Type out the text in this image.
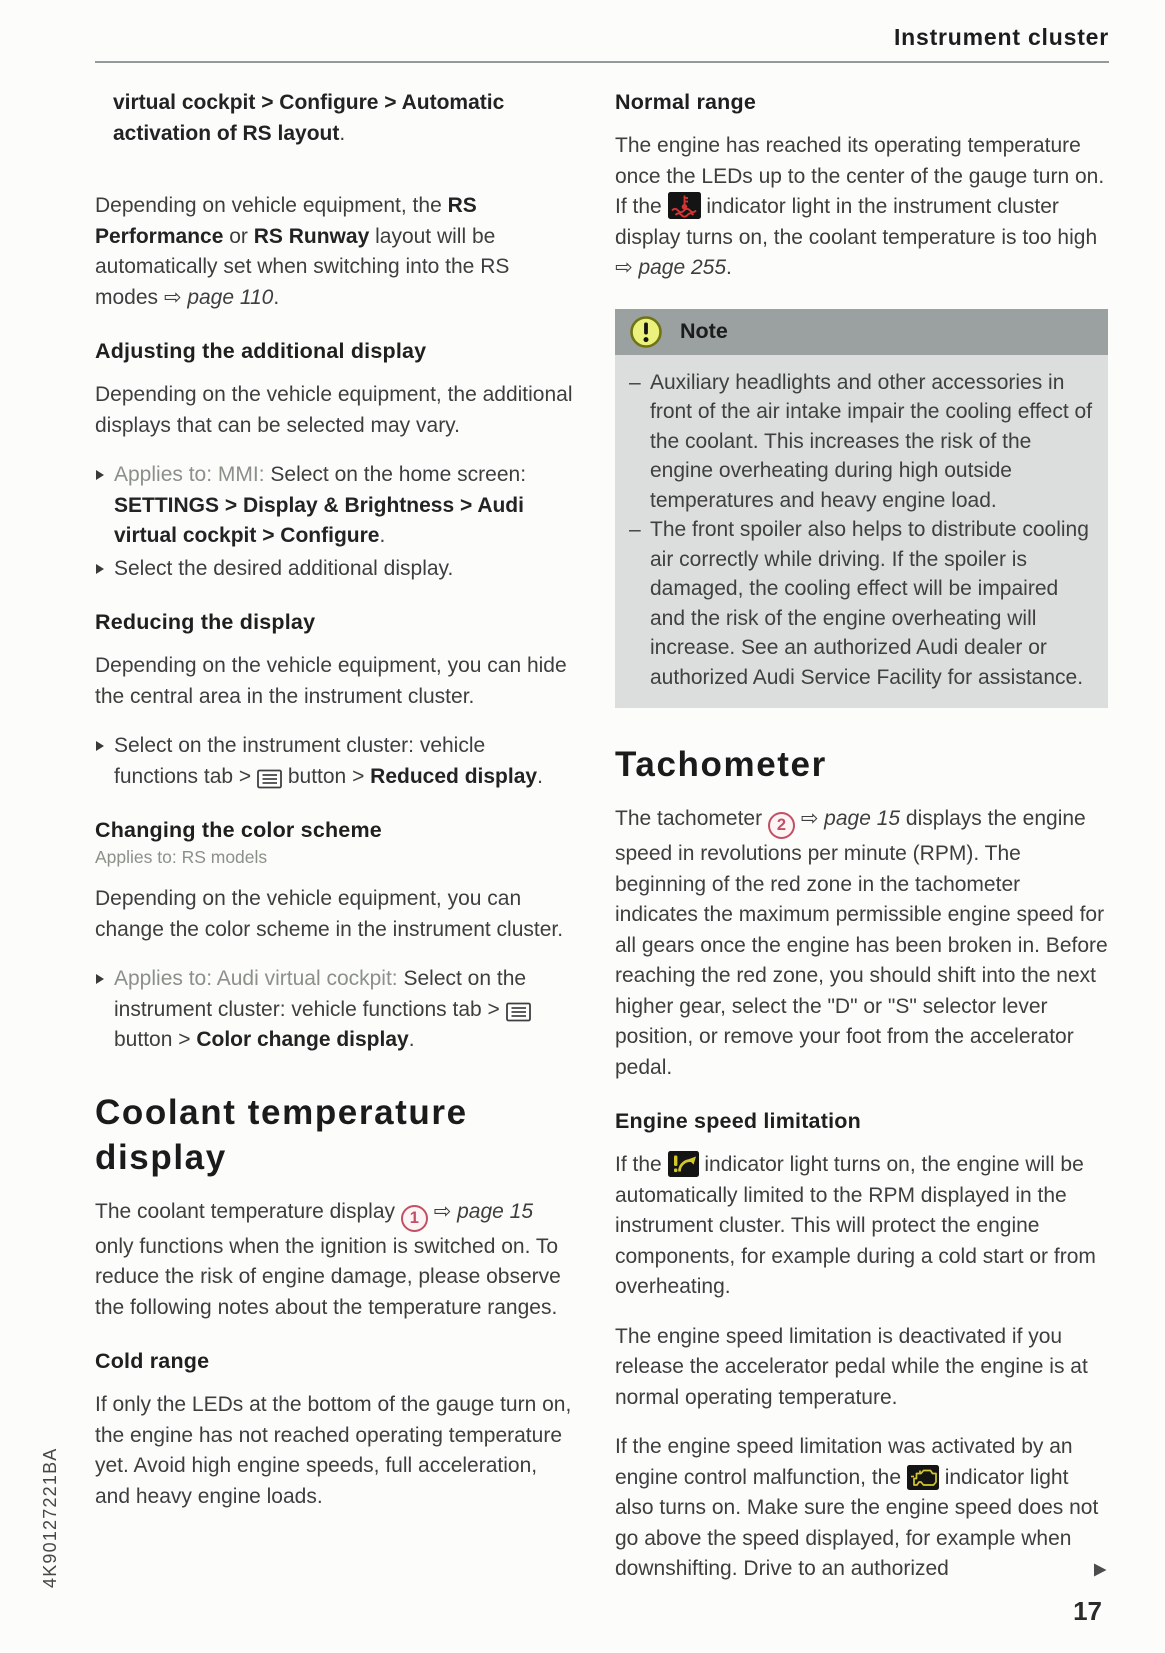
Instrument cluster
virtual cockpit > Configure > Automatic activation of RS layout.
Depending on vehicle equipment, the RS Performance or RS Runway layout will be automatically set when switching into the RS modes ⇨ page 110.
Adjusting the additional display
Depending on the vehicle equipment, the additional displays that can be selected may vary.
Applies to: MMI: Select on the home screen: SETTINGS > Display & Brightness > Audi virtual cockpit > Configure.
Select the desired additional display.
Reducing the display
Depending on the vehicle equipment, you can hide the central area in the instrument cluster.
Select on the instrument cluster: vehicle functions tab >  button > Reduced display.
Changing the color scheme
Applies to: RS models
Depending on the vehicle equipment, you can change the color scheme in the instrument cluster.
Applies to: Audi virtual cockpit: Select on the instrument cluster: vehicle functions tab >  button > Color change display.
Coolant temperature display
The coolant temperature display 1 ⇨ page 15 only functions when the ignition is switched on. To reduce the risk of engine damage, please observe the following notes about the temperature ranges.
Cold range
If only the LEDs at the bottom of the gauge turn on, the engine has not reached operating temperature yet. Avoid high engine speeds, full acceleration, and heavy engine loads.
Normal range
The engine has reached its operating temperature once the LEDs up to the center of the gauge turn on. If the  indicator light in the instrument cluster display turns on, the coolant temperature is too high ⇨ page 255.
Note
– Auxiliary headlights and other accessories in front of the air intake impair the cooling effect of the coolant. This increases the risk of the engine overheating during high outside temperatures and heavy engine load.
– The front spoiler also helps to distribute cooling air correctly while driving. If the spoiler is damaged, the cooling effect will be impaired and the risk of the engine overheating will increase. See an authorized Audi dealer or authorized Audi Service Facility for assistance.
Tachometer
The tachometer 2 ⇨ page 15 displays the engine speed in revolutions per minute (RPM). The beginning of the red zone in the tachometer indicates the maximum permissible engine speed for all gears once the engine has been broken in. Before reaching the red zone, you should shift into the next higher gear, select the "D" or "S" selector lever position, or remove your foot from the accelerator pedal.
Engine speed limitation
If the  indicator light turns on, the engine will be automatically limited to the RPM displayed in the instrument cluster. This will protect the engine components, for example during a cold start or from overheating.
The engine speed limitation is deactivated if you release the accelerator pedal while the engine is at normal operating temperature.
If the engine speed limitation was activated by an engine control malfunction, the  indicator light also turns on. Make sure the engine speed does not go above the speed displayed, for example when downshifting. Drive to an authorized
4K90127221BA
17
